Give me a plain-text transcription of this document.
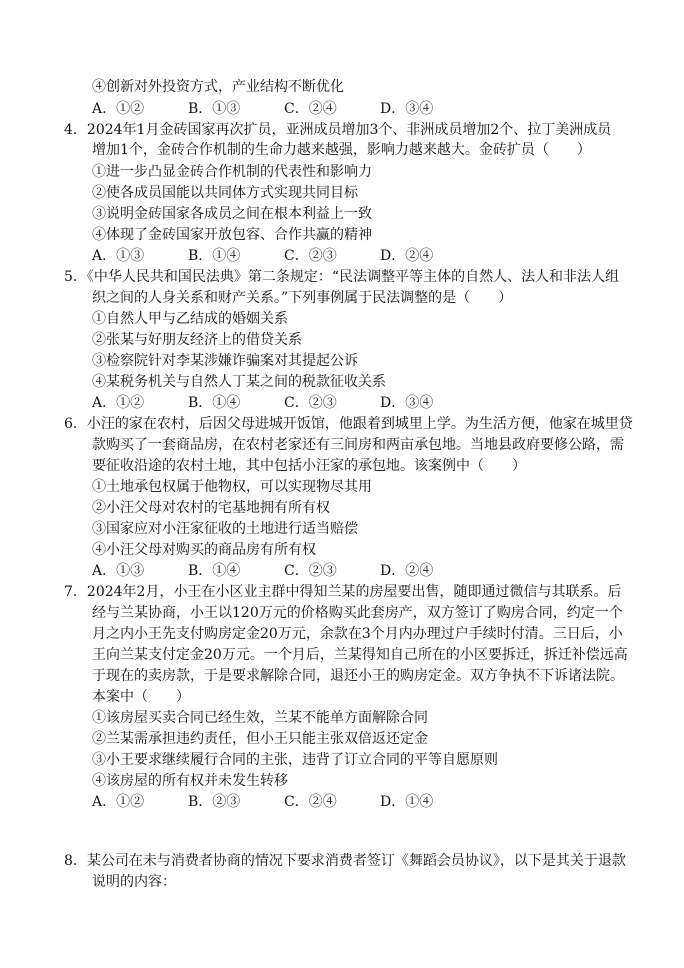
④创新对外投资方式，产业结构不断优化
A．①②	B．①③	C．②④	D．③④
4．2024年1月金砖国家再次扩员，亚洲成员增加3个、非洲成员增加2个、拉丁美洲成员
增加1个，金砖合作机制的生命力越来越强，影响力越来越大。金砖扩员（　　）
①进一步凸显金砖合作机制的代表性和影响力
②使各成员国能以共同体方式实现共同目标
③说明金砖国家各成员之间在根本利益上一致
④体现了金砖国家开放包容、合作共赢的精神
A．①③	B．①④	C．②③	D．②④
5．《中华人民共和国民法典》第二条规定：“民法调整平等主体的自然人、法人和非法人组
织之间的人身关系和财产关系。”下列事例属于民法调整的是（　　）
①自然人甲与乙结成的婚姻关系
②张某与好朋友经济上的借贷关系
③检察院针对李某涉嫌诈骗案对其提起公诉
④某税务机关与自然人丁某之间的税款征收关系
A．①②	B．①④	C．②③	D．③④
6．小汪的家在农村，后因父母进城开饭馆，他跟着到城里上学。为生活方便，他家在城里贷
款购买了一套商品房，在农村老家还有三间房和两亩承包地。当地县政府要修公路，需
要征收沿途的农村土地，其中包括小汪家的承包地。该案例中（　　）
①土地承包权属于他物权，可以实现物尽其用
②小汪父母对农村的宅基地拥有所有权
③国家应对小汪家征收的土地进行适当赔偿
④小汪父母对购买的商品房有所有权
A．①③	B．①④	C．②③	D．②④
7．2024年2月，小王在小区业主群中得知兰某的房屋要出售，随即通过微信与其联系。后
经与兰某协商，小王以120万元的价格购买此套房产，双方签订了购房合同，约定一个
月之内小王先支付购房定金20万元，余款在3个月内办理过户手续时付清。三日后，小
王向兰某支付定金20万元。一个月后，兰某得知自己所在的小区要拆迁，拆迁补偿远高
于现在的卖房款，于是要求解除合同，退还小王的购房定金。双方争执不下诉诸法院。
本案中（　　）
①该房屋买卖合同已经生效，兰某不能单方面解除合同
②兰某需承担违约责任，但小王只能主张双倍返还定金
③小王要求继续履行合同的主张，违背了订立合同的平等自愿原则
④该房屋的所有权并未发生转移
A．①②	B．②③	C．②④	D．①④
8．某公司在未与消费者协商的情况下要求消费者签订《舞蹈会员协议》，以下是其关于退款
说明的内容：
